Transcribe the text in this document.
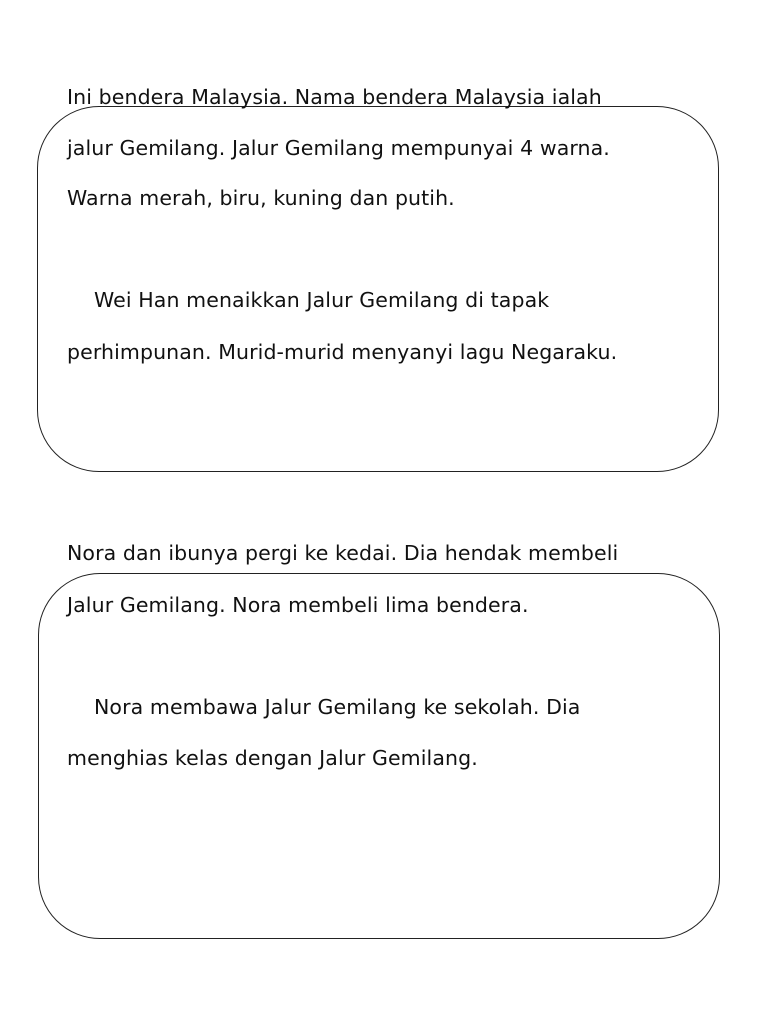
Ini bendera Malaysia. Nama bendera Malaysia ialah
jalur Gemilang. Jalur Gemilang mempunyai 4 warna.
Warna merah, biru, kuning dan putih.
Wei Han menaikkan Jalur Gemilang di tapak
perhimpunan. Murid-murid menyanyi lagu Negaraku.
Nora dan ibunya pergi ke kedai. Dia hendak membeli
Jalur Gemilang. Nora membeli lima bendera.
Nora membawa Jalur Gemilang ke sekolah. Dia
menghias kelas dengan Jalur Gemilang.
